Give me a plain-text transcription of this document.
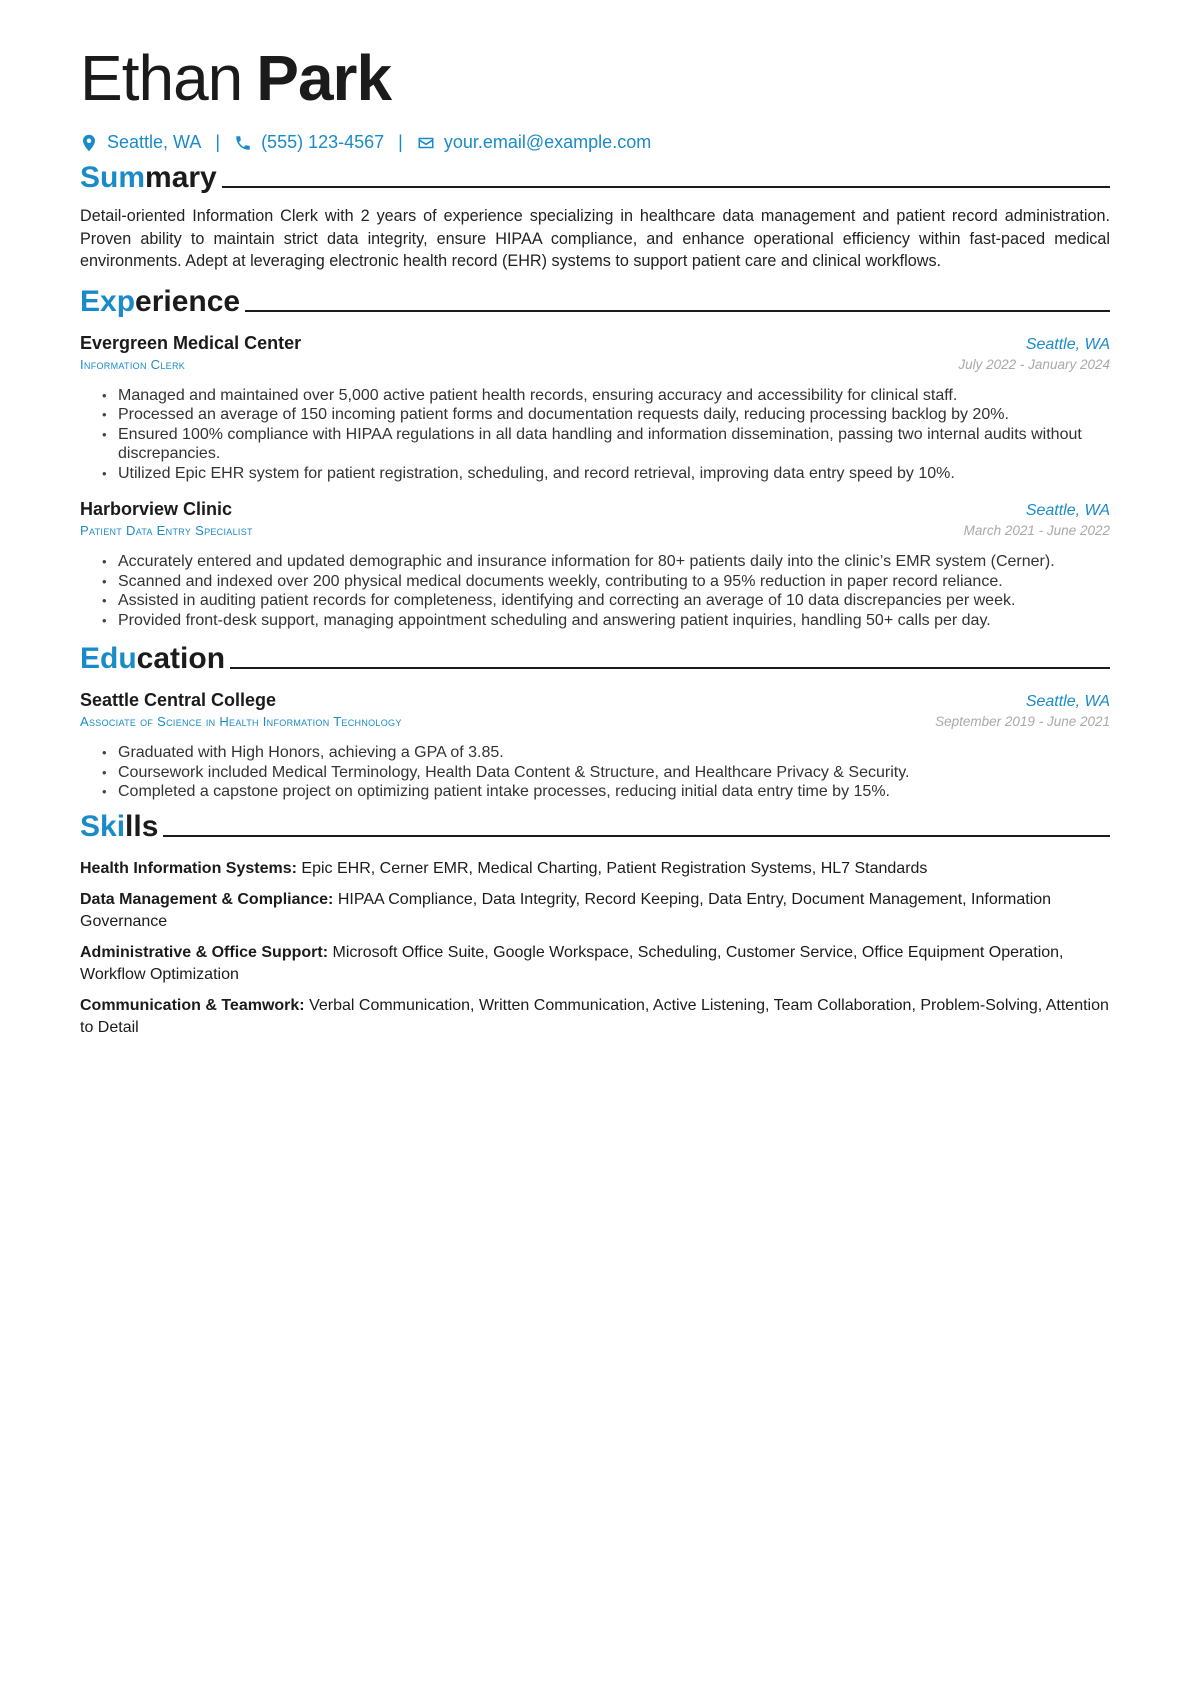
Ethan Park
Seattle, WA | (555) 123-4567 | your.email@example.com
Summary

Detail-oriented Information Clerk with 2 years of experience specializing in healthcare data management and patient record administration. Proven ability to maintain strict data integrity, ensure HIPAA compliance, and enhance operational efficiency within fast-paced medical environments. Adept at leveraging electronic health record (EHR) systems to support patient care and clinical workflows.

Experience
Evergreen Medical Center	Seattle, WA
Information Clerk	July 2022 - January 2024
• Managed and maintained over 5,000 active patient health records, ensuring accuracy and accessibility for clinical staff.
• Processed an average of 150 incoming patient forms and documentation requests daily, reducing processing backlog by 20%.
• Ensured 100% compliance with HIPAA regulations in all data handling and information dissemination, passing two internal audits without discrepancies.
• Utilized Epic EHR system for patient registration, scheduling, and record retrieval, improving data entry speed by 10%.
Harborview Clinic	Seattle, WA
Patient Data Entry Specialist	March 2021 - June 2022
• Accurately entered and updated demographic and insurance information for 80+ patients daily into the clinic’s EMR system (Cerner).
• Scanned and indexed over 200 physical medical documents weekly, contributing to a 95% reduction in paper record reliance.
• Assisted in auditing patient records for completeness, identifying and correcting an average of 10 data discrepancies per week.
• Provided front-desk support, managing appointment scheduling and answering patient inquiries, handling 50+ calls per day.
Education
Seattle Central College	Seattle, WA
Associate of Science in Health Information Technology	September 2019 - June 2021
• Graduated with High Honors, achieving a GPA of 3.85.
• Coursework included Medical Terminology, Health Data Content & Structure, and Healthcare Privacy & Security.
• Completed a capstone project on optimizing patient intake processes, reducing initial data entry time by 15%.
Skills
Health Information Systems: Epic EHR, Cerner EMR, Medical Charting, Patient Registration Systems, HL7 Standards
Data Management & Compliance: HIPAA Compliance, Data Integrity, Record Keeping, Data Entry, Document Management, Information Governance
Administrative & Office Support: Microsoft Office Suite, Google Workspace, Scheduling, Customer Service, Office Equipment Operation, Workflow Optimization
Communication & Teamwork: Verbal Communication, Written Communication, Active Listening, Team Collaboration, Problem-Solving, Attention to Detail
